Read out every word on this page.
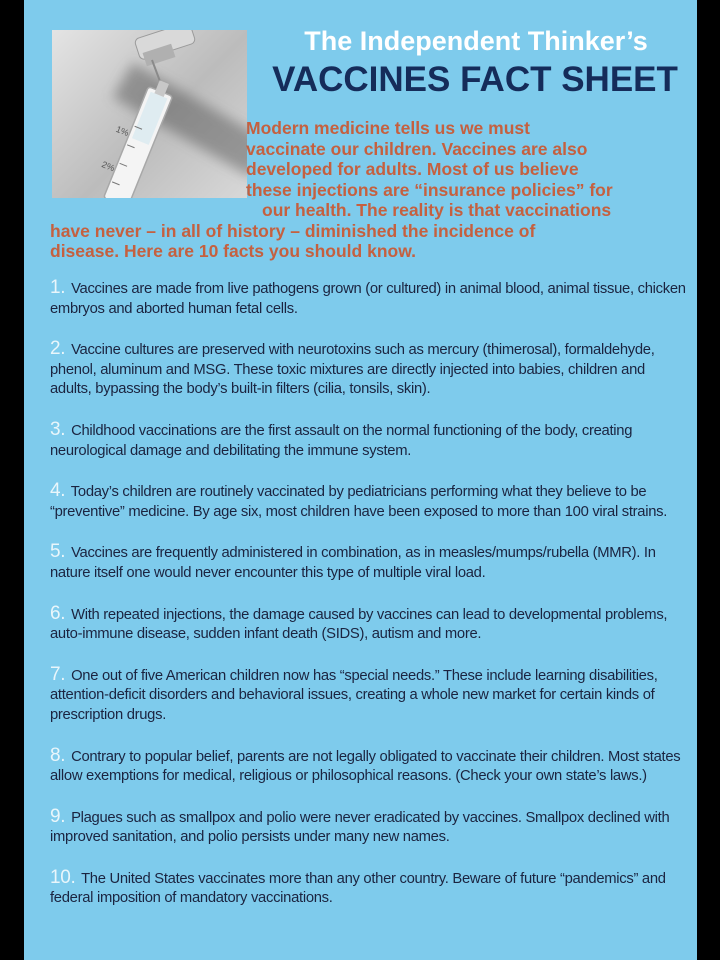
1%
2%
The Independent Thinker’s
VACCINES FACT SHEET
Modern medicine tells us we must
vaccinate our children. Vaccines are also
developed for adults. Most of us believe
these injections are “insurance policies” for
our health. The reality is that vaccinations
have never – in all of history – diminished the incidence of
disease. Here are 10 facts you should know.
1. Vaccines are made from live pathogens grown (or cultured) in animal blood, animal tissue, chicken embryos and aborted human fetal cells.
2. Vaccine cultures are preserved with neurotoxins such as mercury (thimerosal), formaldehyde, phenol, aluminum and MSG. These toxic mixtures are directly injected into babies, children and adults, bypassing the body’s built-in filters (cilia, tonsils, skin).
3. Childhood vaccinations are the first assault on the normal functioning of the body, creating neurological damage and debilitating the immune system.
4. Today’s children are routinely vaccinated by pediatricians performing what they believe to be “preventive” medicine. By age six, most children have been exposed to more than 100 viral strains.
5. Vaccines are frequently administered in combination, as in measles/mumps/rubella (MMR). In nature itself one would never encounter this type of multiple viral load.
6. With repeated injections, the damage caused by vaccines can lead to developmental problems, auto-immune disease, sudden infant death (SIDS), autism and more.
7. One out of five American children now has “special needs.” These include learning disabilities, attention-deficit disorders and behavioral issues, creating a whole new market for certain kinds of prescription drugs.
8. Contrary to popular belief, parents are not legally obligated to vaccinate their children. Most states allow exemptions for medical, religious or philosophical reasons. (Check your own state’s laws.)
9. Plagues such as smallpox and polio were never eradicated by vaccines. Smallpox declined with improved sanitation, and polio persists under many new names.
10. The United States vaccinates more than any other country. Beware of future “pandemics” and federal imposition of mandatory vaccinations.
